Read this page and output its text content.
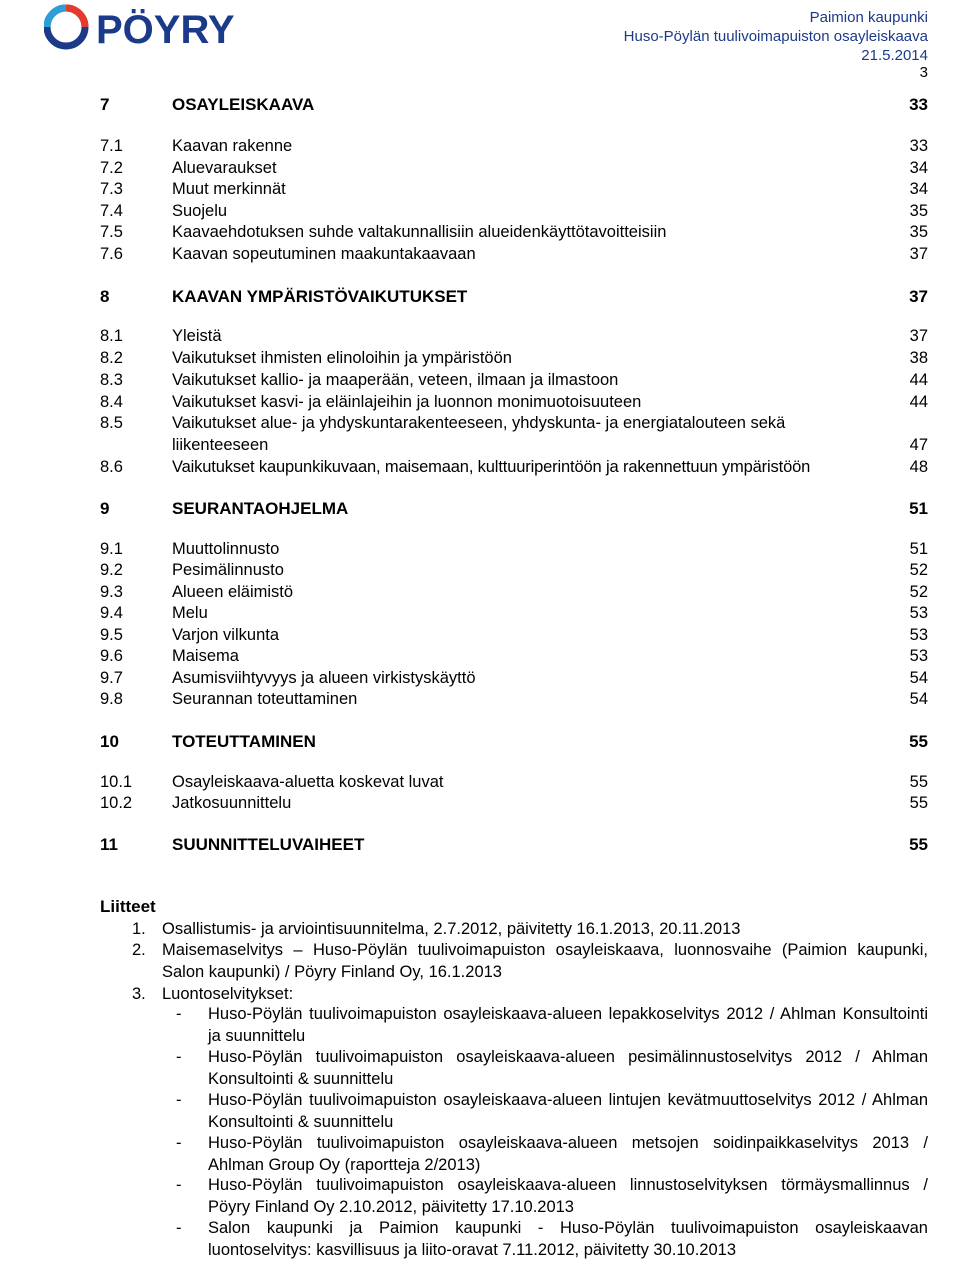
PÖYRY	Paimion kaupunki
Huso-Pöylän tuulivoimapuiston osayleiskaava
21.5.2014
3
7	OSAYLEISKAAVA	33
7.1	Kaavan rakenne	33
7.2	Aluevaraukset	34
7.3	Muut merkinnät	34
7.4	Suojelu	35
7.5	Kaavaehdotuksen suhde valtakunnallisiin alueidenkäyttötavoitteisiin	35
7.6	Kaavan sopeutuminen maakuntakaavaan	37
8	KAAVAN YMPÄRISTÖVAIKUTUKSET	37
8.1	Yleistä	37
8.2	Vaikutukset ihmisten elinoloihin ja ympäristöön	38
8.3	Vaikutukset kallio- ja maaperään, veteen, ilmaan ja ilmastoon	44
8.4	Vaikutukset kasvi- ja eläinlajeihin ja luonnon monimuotoisuuteen	44
8.5	Vaikutukset alue- ja yhdyskuntarakenteeseen, yhdyskunta- ja energiatalouteen sekä
liikenteeseen	47
8.6	Vaikutukset kaupunkikuvaan, maisemaan, kulttuuriperintöön ja rakennettuun ympäristöön	48
9	SEURANTAOHJELMA	51
9.1	Muuttolinnusto	51
9.2	Pesimälinnusto	52
9.3	Alueen eläimistö	52
9.4	Melu	53
9.5	Varjon vilkunta	53
9.6	Maisema	53
9.7	Asumisviihtyvyys ja alueen virkistyskäyttö	54
9.8	Seurannan toteuttaminen	54
10	TOTEUTTAMINEN	55
10.1 Osayleiskaava-aluetta koskevat luvat	55
10.2 Jatkosuunnittelu	55
11	SUUNNITTELUVAIHEET	55
Liitteet
1. Osallistumis- ja arviointisuunnitelma, 2.7.2012, päivitetty 16.1.2013, 20.11.2013
2. Maisemaselvitys – Huso-Pöylän tuulivoimapuiston osayleiskaava, luonnosvaihe (Paimion kaupunki, Salon kaupunki) / Pöyry Finland Oy, 16.1.2013
3. Luontoselvitykset:
- Huso-Pöylän tuulivoimapuiston osayleiskaava-alueen lepakkoselvitys 2012 / Ahlman Konsultointi ja suunnittelu
- Huso-Pöylän tuulivoimapuiston osayleiskaava-alueen pesimälinnustoselvitys 2012 / Ahlman Konsultointi & suunnittelu
- Huso-Pöylän tuulivoimapuiston osayleiskaava-alueen lintujen kevätmuuttoselvitys 2012 / Ahlman Konsultointi & suunnittelu
- Huso-Pöylän tuulivoimapuiston osayleiskaava-alueen metsojen soidinpaikkaselvitys 2013 / Ahlman Group Oy (raportteja 2/2013)
- Huso-Pöylän tuulivoimapuiston osayleiskaava-alueen linnustoselvityksen törmäysmallinnus / Pöyry Finland Oy 2.10.2012, päivitetty 17.10.2013
- Salon kaupunki ja Paimion kaupunki - Huso-Pöylän tuulivoimapuiston osayleiskaavan luontoselvitys: kasvillisuus ja liito-oravat 7.11.2012, päivitetty 30.10.2013
